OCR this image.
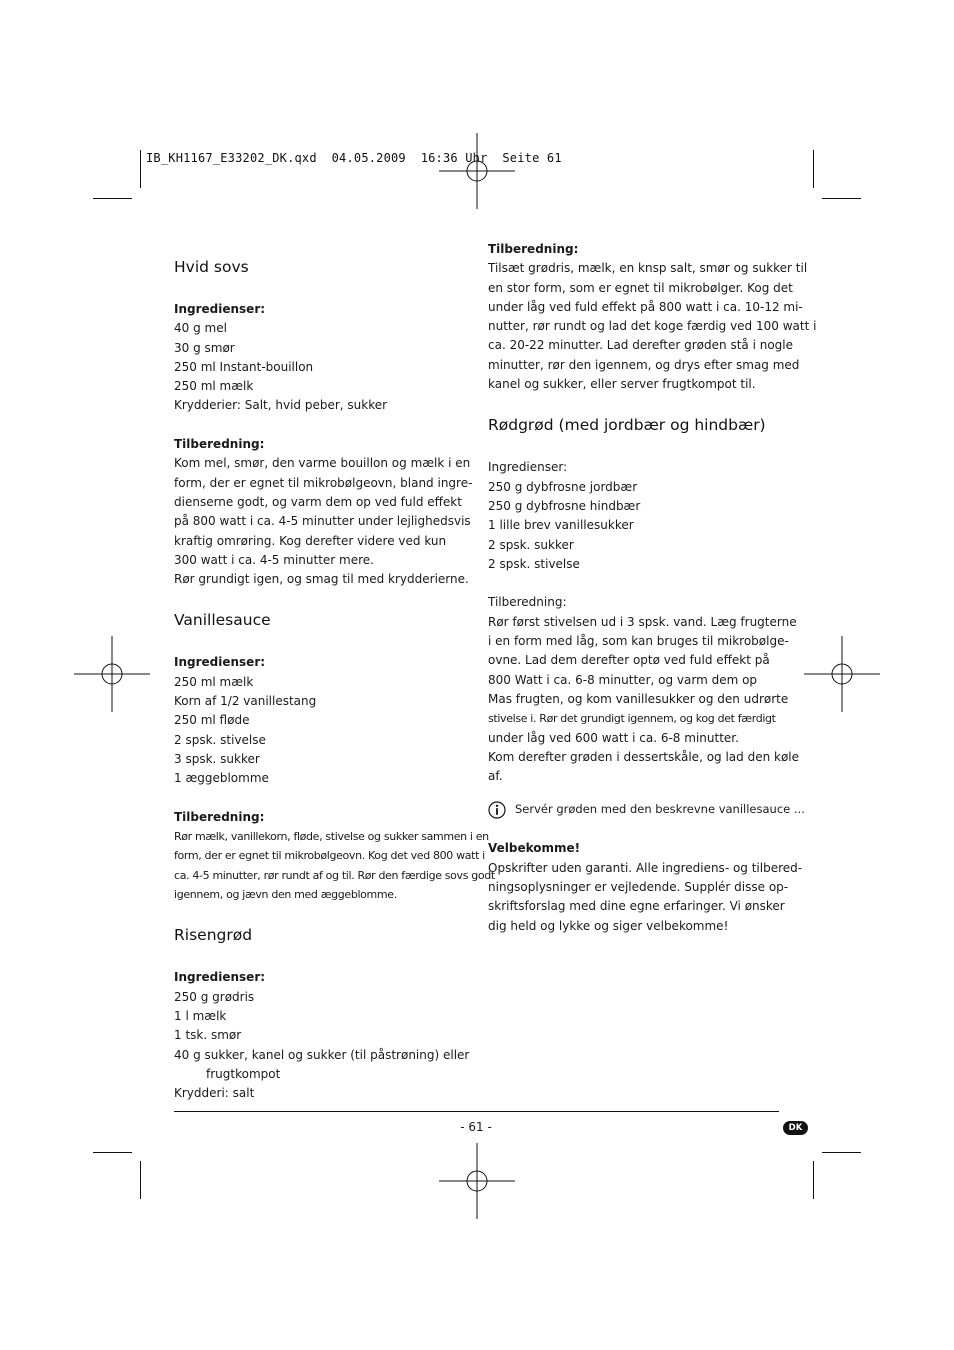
IB_KH1167_E33202_DK.qxd  04.05.2009  16:36 Uhr  Seite 61
Hvid sovs
Ingredienser:
40 g mel
30 g smør
250 ml Instant-bouillon
250 ml mælk
Krydderier: Salt, hvid peber, sukker
Tilberedning:
Kom mel, smør, den varme bouillon og mælk i en
form, der er egnet til mikrobølgeovn, bland ingre-
dienserne godt, og varm dem op ved fuld effekt
på 800 watt i ca. 4-5 minutter under lejlighedsvis
kraftig omrøring. Kog derefter videre ved kun
300 watt i ca. 4-5 minutter mere.
Rør grundigt igen, og smag til med krydderierne.
Vanillesauce
Ingredienser:
250 ml mælk
Korn af 1/2 vanillestang
250 ml fløde
2 spsk. stivelse
3 spsk. sukker
1 æggeblomme
Tilberedning:
Rør mælk, vanillekorn, fløde, stivelse og sukker sammen i en
form, der er egnet til mikrobølgeovn. Kog det ved 800 watt i
ca. 4-5 minutter, rør rundt af og til. Rør den færdige sovs godt
igennem, og jævn den med æggeblomme.
Risengrød
Ingredienser:
250 g grødris
1 l mælk
1 tsk. smør
40 g sukker, kanel og sukker (til påstrøning) eller
frugtkompot
Krydderi: salt
Tilberedning:
Tilsæt grødris, mælk, en knsp salt, smør og sukker til
en stor form, som er egnet til mikrobølger. Kog det
under låg ved fuld effekt på 800 watt i ca. 10-12 mi-
nutter, rør rundt og lad det koge færdig ved 100 watt i
ca. 20-22 minutter. Lad derefter grøden stå i nogle
minutter, rør den igennem, og drys efter smag med
kanel og sukker, eller server frugtkompot til.
Rødgrød (med jordbær og hindbær)
Ingredienser:
250 g dybfrosne jordbær
250 g dybfrosne hindbær
1 lille brev vanillesukker
2 spsk. sukker
2 spsk. stivelse
Tilberedning:
Rør først stivelsen ud i 3 spsk. vand. Læg frugterne
i en form med låg, som kan bruges til mikrobølge-
ovne. Lad dem derefter optø ved fuld effekt på
800 Watt i ca. 6-8 minutter, og varm dem op
Mas frugten, og kom vanillesukker og den udrørte
stivelse i. Rør det grundigt igennem, og kog det færdigt
under låg ved 600 watt i ca. 6-8 minutter.
Kom derefter grøden i dessertskåle, og lad den køle
af.
Servér grøden med den beskrevne vanillesauce ...
Velbekomme!
Opskrifter uden garanti. Alle ingrediens- og tilbered-
ningsoplysninger er vejledende. Supplér disse op-
skriftsforslag med dine egne erfaringer. Vi ønsker
dig held og lykke og siger velbekomme!
- 61 -	DK
